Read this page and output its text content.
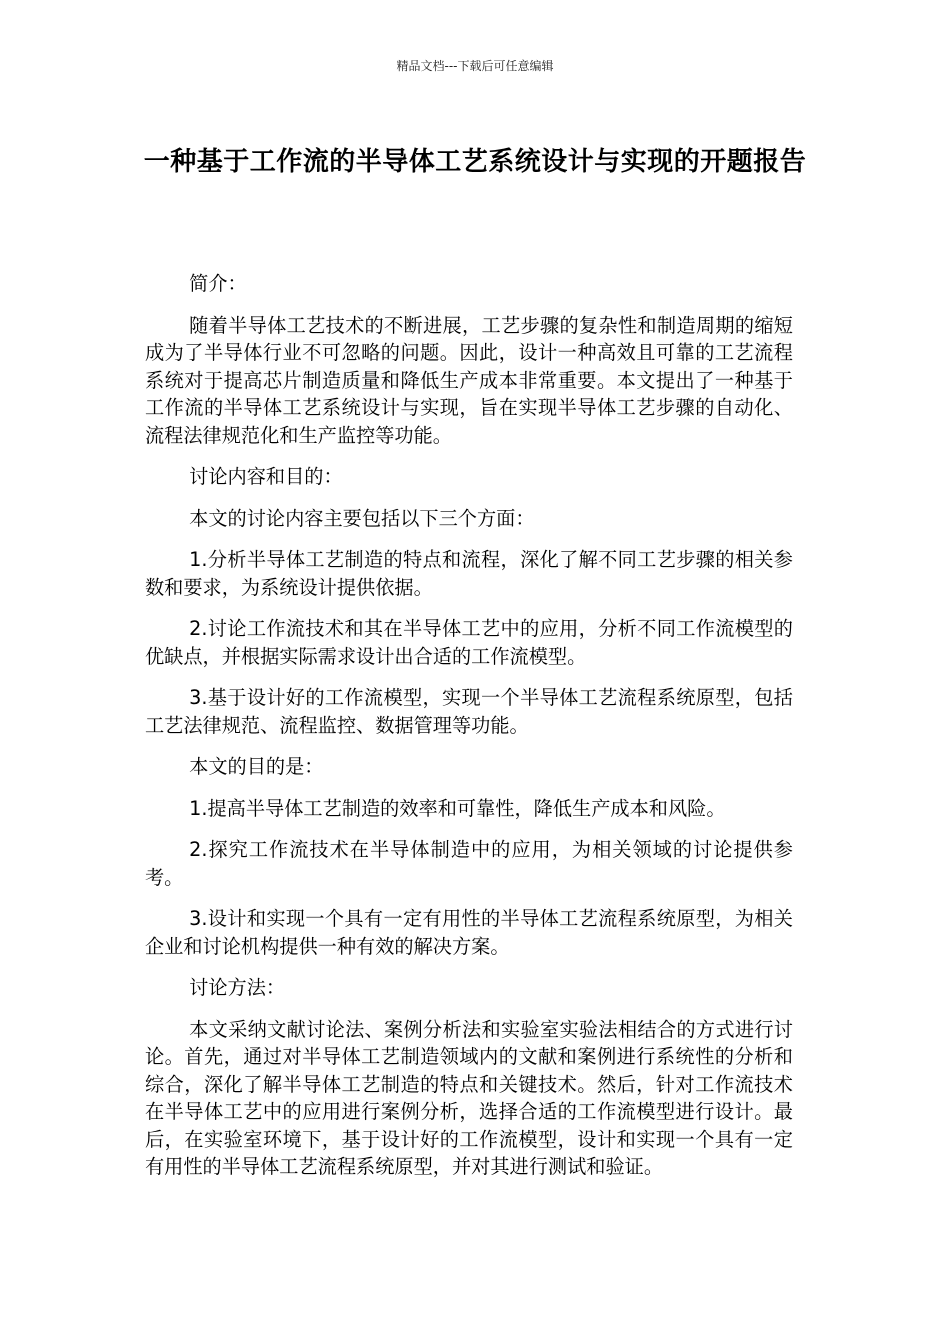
精品文档---下载后可任意编辑
一种基于工作流的半导体工艺系统设计与实现的开题报告

简介：

随着半导体工艺技术的不断进展，工艺步骤的复杂性和制造周期的缩短成为了半导体行业不可忽略的问题。因此，设计一种高效且可靠的工艺流程系统对于提高芯片制造质量和降低生产成本非常重要。本文提出了一种基于工作流的半导体工艺系统设计与实现，旨在实现半导体工艺步骤的自动化、流程法律规范化和生产监控等功能。

讨论内容和目的：

本文的讨论内容主要包括以下三个方面：

1.分析半导体工艺制造的特点和流程，深化了解不同工艺步骤的相关参数和要求，为系统设计提供依据。

2.讨论工作流技术和其在半导体工艺中的应用，分析不同工作流模型的优缺点，并根据实际需求设计出合适的工作流模型。

3.基于设计好的工作流模型，实现一个半导体工艺流程系统原型，包括工艺法律规范、流程监控、数据管理等功能。

本文的目的是：

1.提高半导体工艺制造的效率和可靠性，降低生产成本和风险。

2.探究工作流技术在半导体制造中的应用，为相关领域的讨论提供参考。

3.设计和实现一个具有一定有用性的半导体工艺流程系统原型，为相关企业和讨论机构提供一种有效的解决方案。

讨论方法：

本文采纳文献讨论法、案例分析法和实验室实验法相结合的方式进行讨论。首先，通过对半导体工艺制造领域内的文献和案例进行系统性的分析和综合，深化了解半导体工艺制造的特点和关键技术。然后，针对工作流技术在半导体工艺中的应用进行案例分析，选择合适的工作流模型进行设计。最后，在实验室环境下，基于设计好的工作流模型，设计和实现一个具有一定有用性的半导体工艺流程系统原型，并对其进行测试和验证。
